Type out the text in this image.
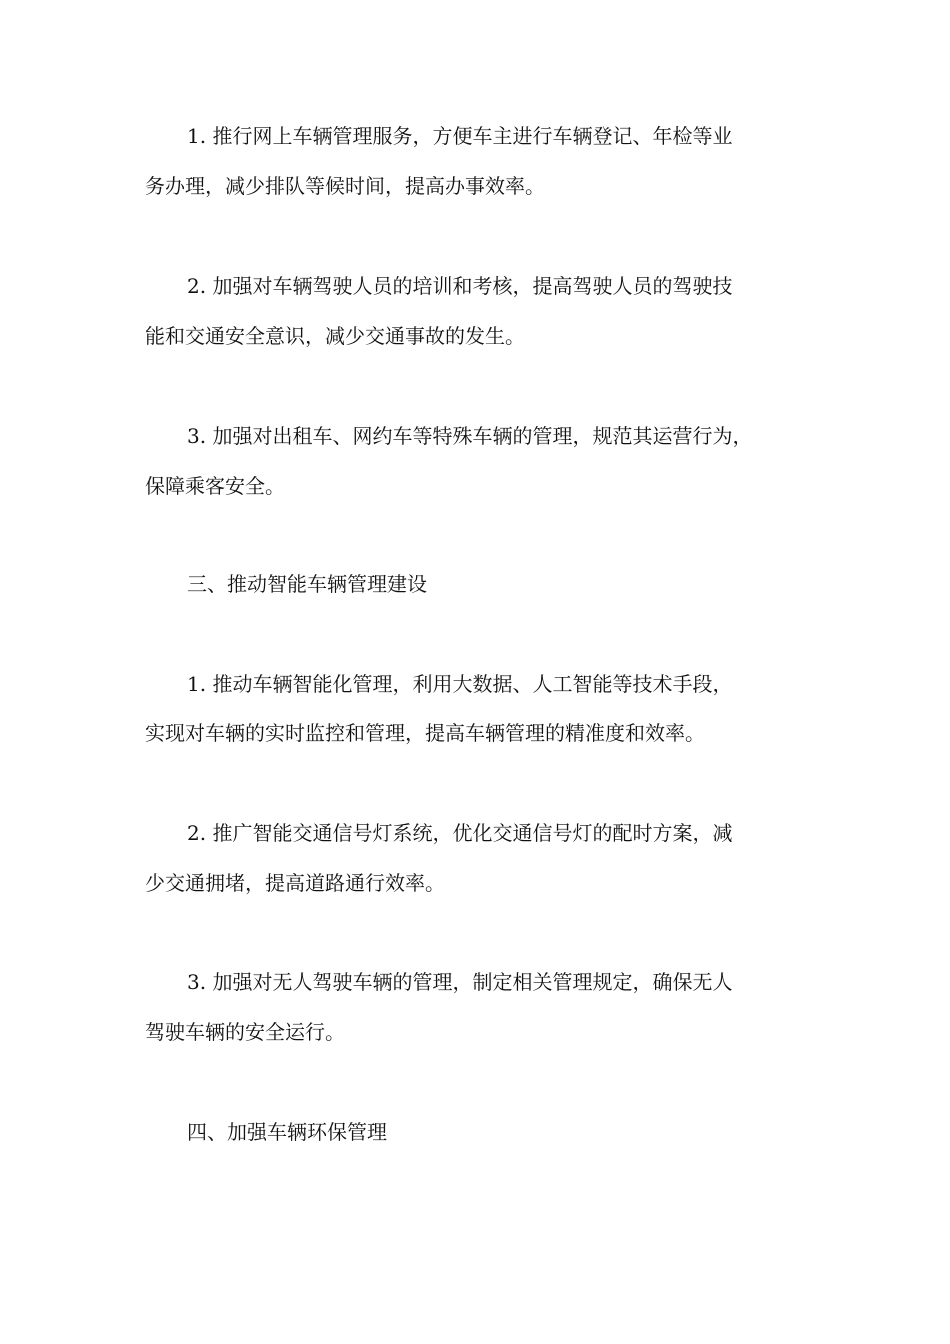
1. 推行网上车辆管理服务，方便车主进行车辆登记、年检等业
务办理，减少排队等候时间，提高办事效率。
2. 加强对车辆驾驶人员的培训和考核，提高驾驶人员的驾驶技
能和交通安全意识，减少交通事故的发生。
3. 加强对出租车、网约车等特殊车辆的管理，规范其运营行为，
保障乘客安全。
三、推动智能车辆管理建设
1. 推动车辆智能化管理，利用大数据、人工智能等技术手段，
实现对车辆的实时监控和管理，提高车辆管理的精准度和效率。
2. 推广智能交通信号灯系统，优化交通信号灯的配时方案，减
少交通拥堵，提高道路通行效率。
3. 加强对无人驾驶车辆的管理，制定相关管理规定，确保无人
驾驶车辆的安全运行。
四、加强车辆环保管理
